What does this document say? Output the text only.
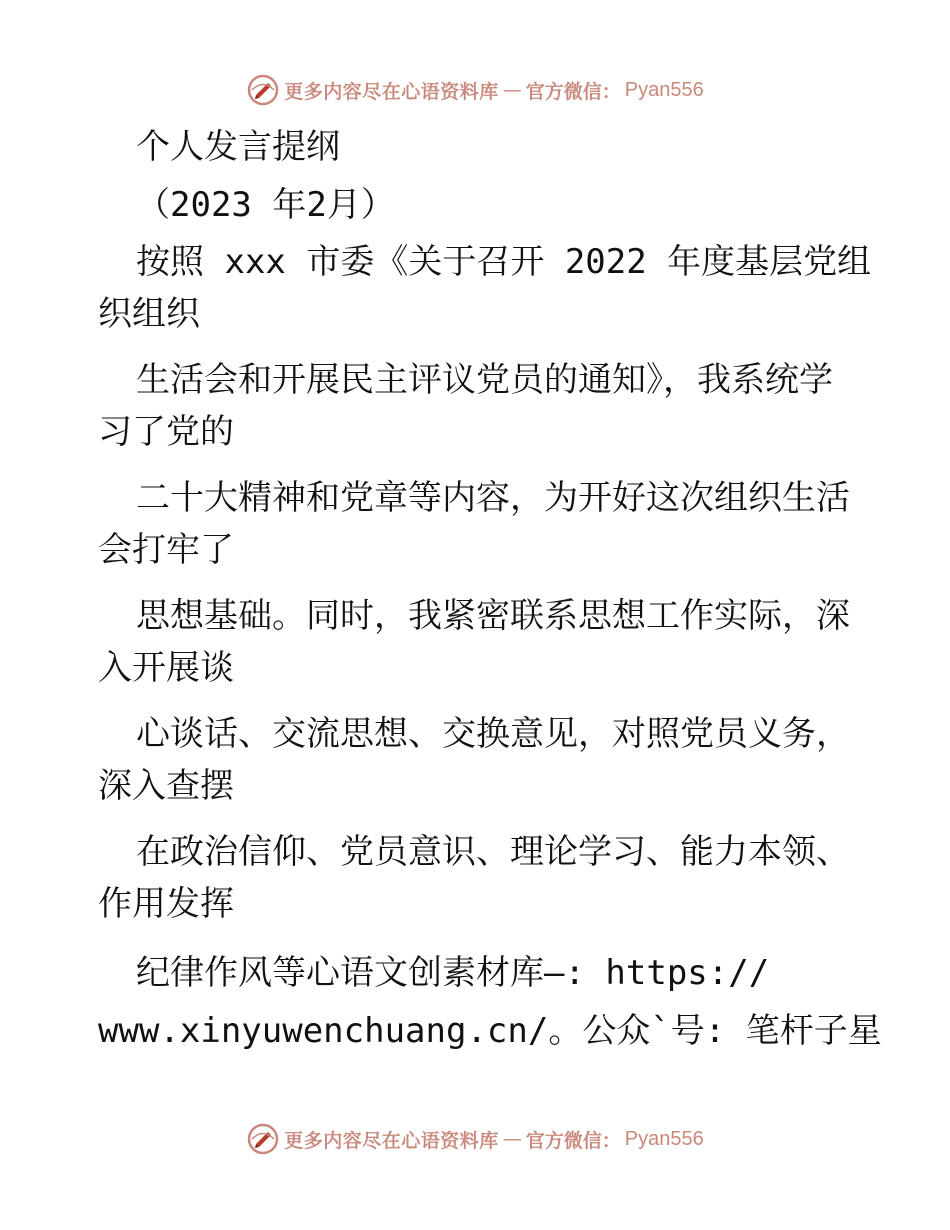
更多内容尽在心语资料库 — 官方微信： Pyan556
个人发言提纲
（2023 年2月）
按照 xxx 市委《关于召开 2022 年度基层党组
织组织
生活会和开展民主评议党员的通知》，我系统学
习了党的
二十大精神和党章等内容，为开好这次组织生活
会打牢了
思想基础。同时，我紧密联系思想工作实际，深
入开展谈
心谈话、交流思想、交换意见，对照党员义务，
深入查摆
在政治信仰、党员意识、理论学习、能力本领、
作用发挥
纪律作风等心语文创素材库—: https://
www.xinyuwenchuang.cn/。公众`号: 笔杆子星
更多内容尽在心语资料库 — 官方微信： Pyan556
